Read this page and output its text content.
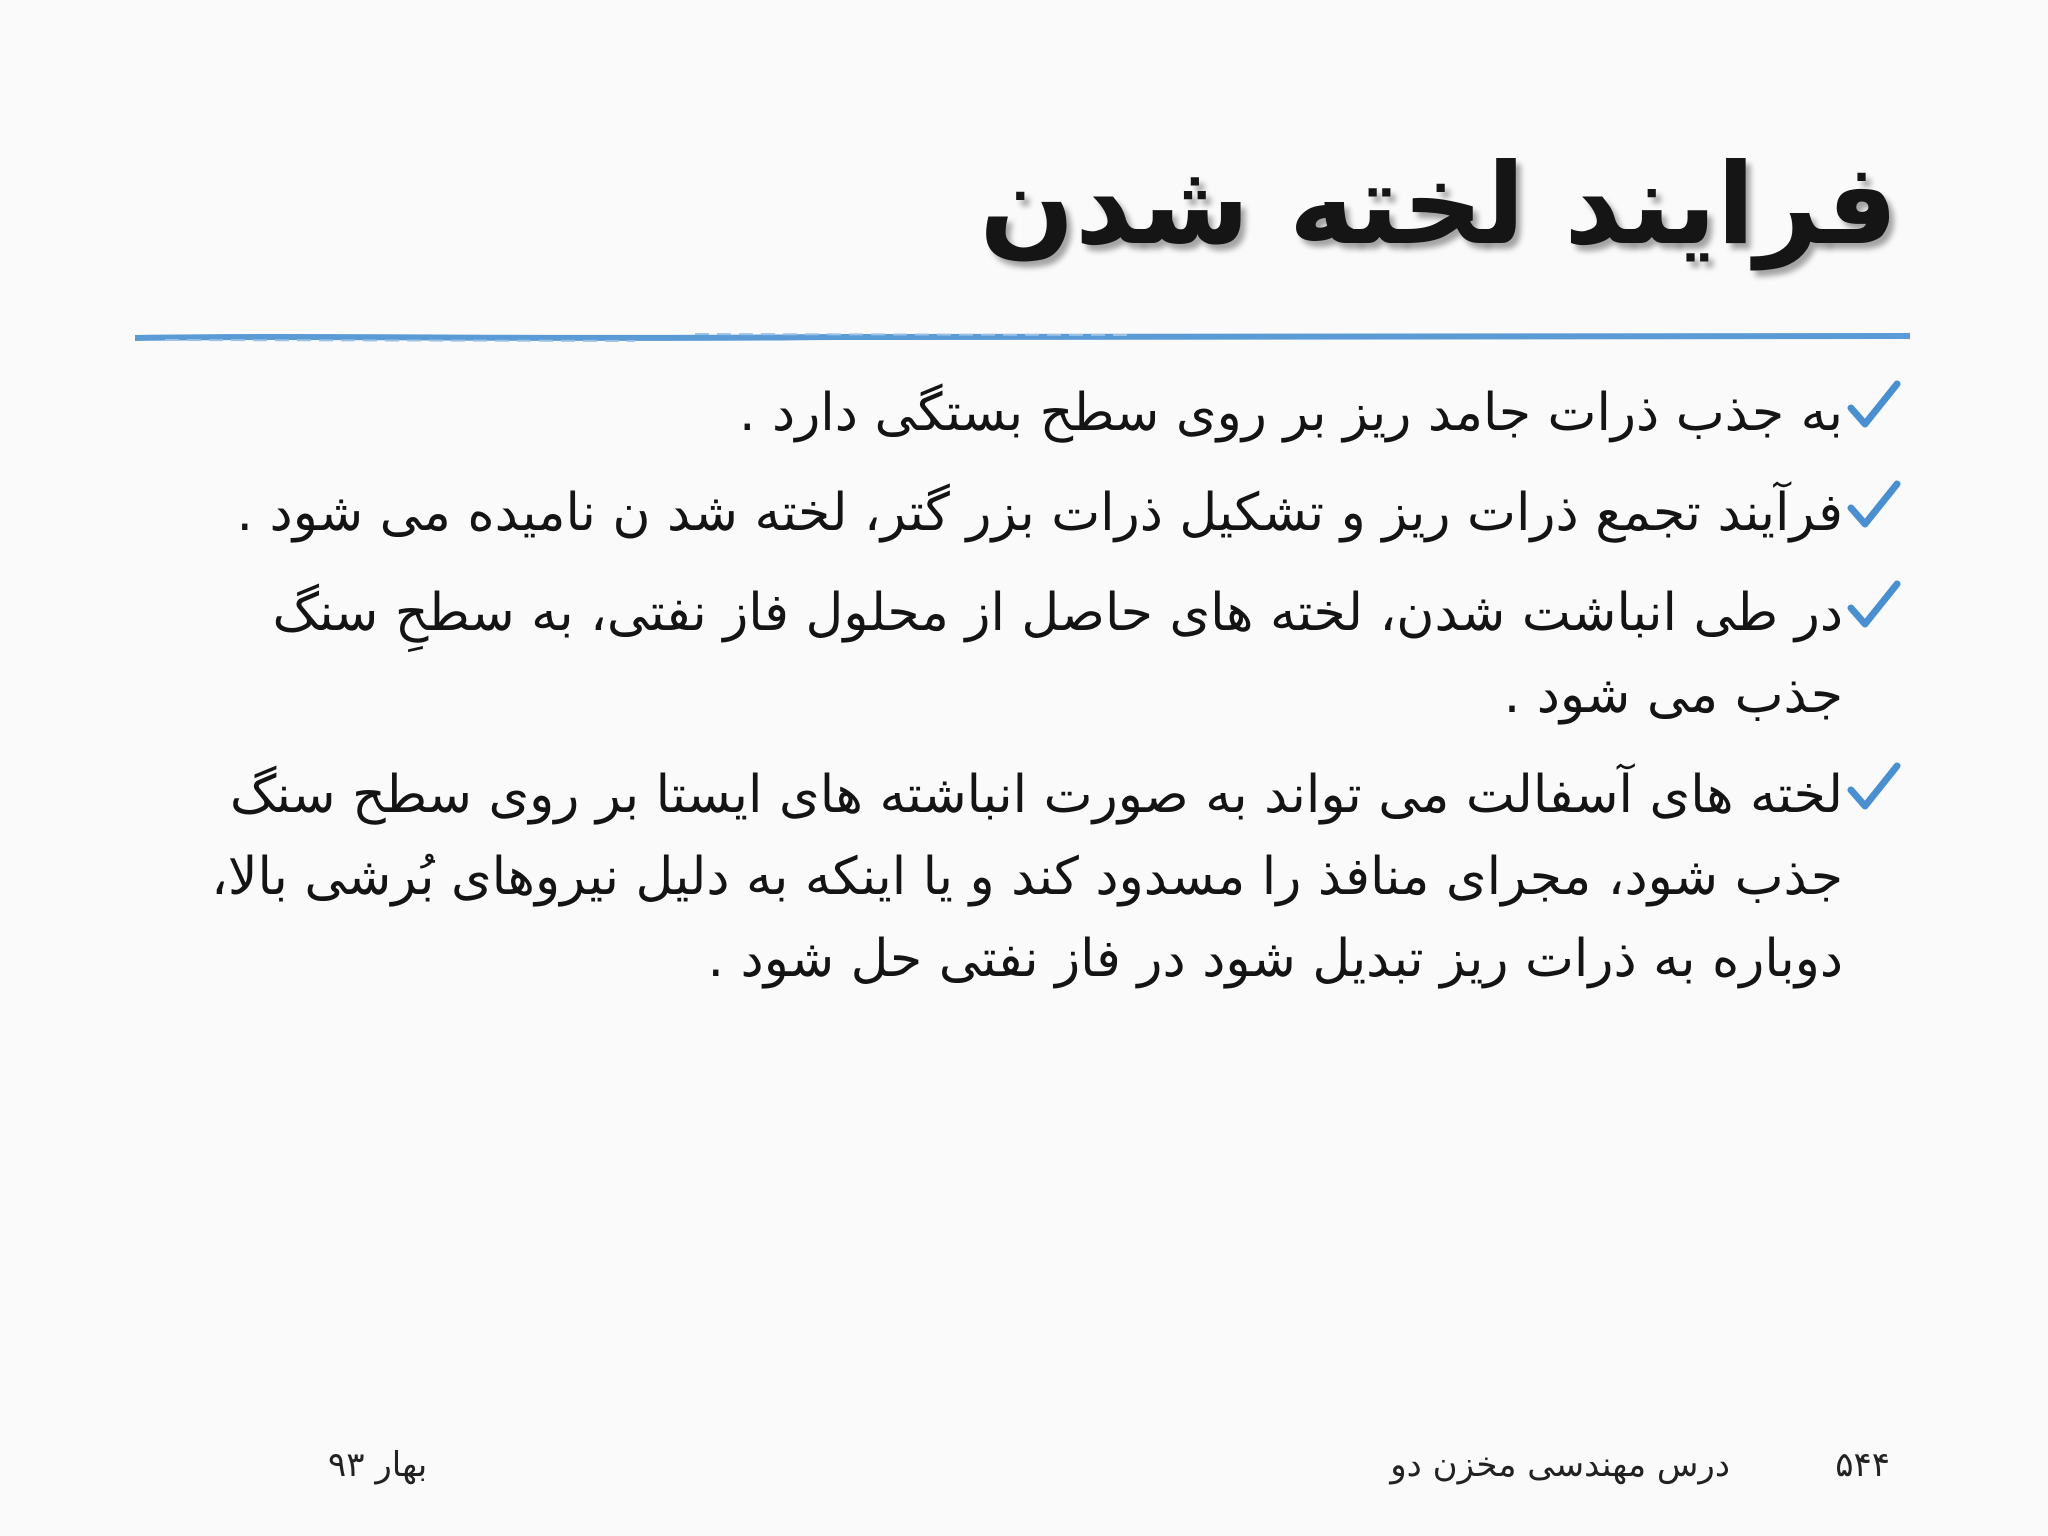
فرایند لخته شدن
به جذب ذرات جامد ریز بر روی سطح بستگی دارد .
فرآیند تجمع ذرات ریز و تشکیل ذرات بزر گتر، لخته شد ن نامیده می شود .
در طی انباشت شدن، لخته های حاصل از محلول فاز نفتی، به سطحِ سنگ جذب می شود .
لخته های آسفالت می تواند به صورت انباشته های ایستا بر روی سطح سنگ جذب شود، مجرای منافذ را مسدود کند و یا اینکه به دلیل نیروهای بُرشی بالا، دوباره به ذرات ریز تبدیل شود در فاز نفتی حل شود .
۵۴۴
درس مهندسی مخزن دو
بهار ۹۳
